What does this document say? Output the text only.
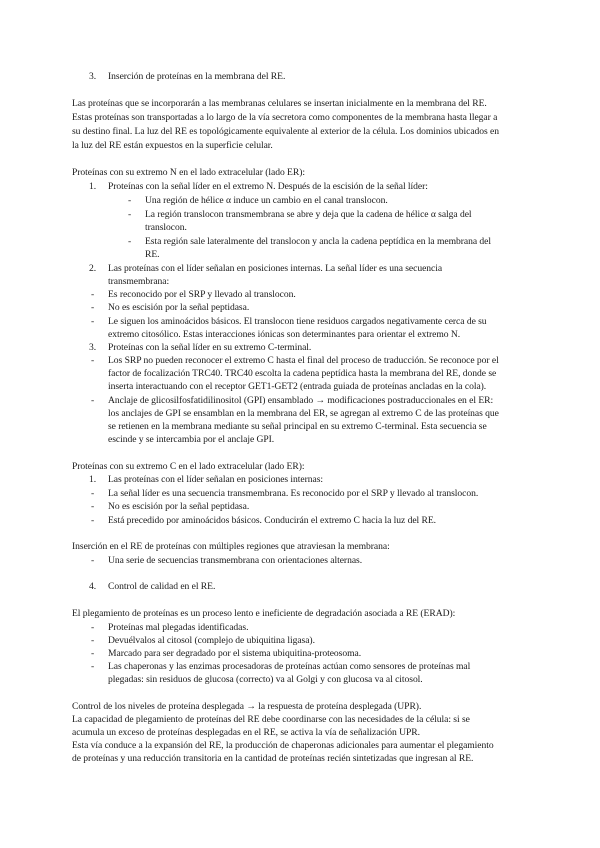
3. Inserción de proteínas en la membrana del RE.
Las proteínas que se incorporarán a las membranas celulares se insertan inicialmente en la membrana del RE.
Estas proteínas son transportadas a lo largo de la vía secretora como componentes de la membrana hasta llegar a
su destino final. La luz del RE es topológicamente equivalente al exterior de la célula. Los dominios ubicados en
la luz del RE están expuestos en la superficie celular.
Proteínas con su extremo N en el lado extracelular (lado ER):
1. Proteínas con la señal líder en el extremo N. Después de la escisión de la señal líder:
- Una región de hélice α induce un cambio en el canal translocon.
- La región translocon transmembrana se abre y deja que la cadena de hélice α salga del
translocon.
- Esta región sale lateralmente del translocon y ancla la cadena peptídica en la membrana del
RE.
2. Las proteínas con el líder señalan en posiciones internas. La señal líder es una secuencia
transmembrana:
- Es reconocido por el SRP y llevado al translocon.
- No es escisión por la señal peptidasa.
- Le siguen los aminoácidos básicos. El translocon tiene residuos cargados negativamente cerca de su
extremo citosólico. Estas interacciones iónicas son determinantes para orientar el extremo N.
3. Proteínas con la señal líder en su extremo C-terminal.
- Los SRP no pueden reconocer el extremo C hasta el final del proceso de traducción. Se reconoce por el
factor de focalización TRC40. TRC40 escolta la cadena peptídica hasta la membrana del RE, donde se
inserta interactuando con el receptor GET1-GET2 (entrada guiada de proteínas ancladas en la cola).
- Anclaje de glicosilfosfatidilinositol (GPI) ensamblado → modificaciones postraduccionales en el ER:
los anclajes de GPI se ensamblan en la membrana del ER, se agregan al extremo C de las proteínas que
se retienen en la membrana mediante su señal principal en su extremo C-terminal. Esta secuencia se
escinde y se intercambia por el anclaje GPI.
Proteínas con su extremo C en el lado extracelular (lado ER):
1. Las proteínas con el líder señalan en posiciones internas:
- La señal líder es una secuencia transmembrana. Es reconocido por el SRP y llevado al translocon.
- No es escisión por la señal peptidasa.
- Está precedido por aminoácidos básicos. Conducirán el extremo C hacia la luz del RE.
Inserción en el RE de proteínas con múltiples regiones que atraviesan la membrana:
- Una serie de secuencias transmembrana con orientaciones alternas.
4. Control de calidad en el RE.
El plegamiento de proteínas es un proceso lento e ineficiente de degradación asociada a RE (ERAD):
- Proteínas mal plegadas identificadas.
- Devuélvalos al citosol (complejo de ubiquitina ligasa).
- Marcado para ser degradado por el sistema ubiquitina-proteosoma.
- Las chaperonas y las enzimas procesadoras de proteínas actúan como sensores de proteínas mal
plegadas: sin residuos de glucosa (correcto) va al Golgi y con glucosa va al citosol.
Control de los niveles de proteína desplegada → la respuesta de proteína desplegada (UPR).
La capacidad de plegamiento de proteínas del RE debe coordinarse con las necesidades de la célula: si se
acumula un exceso de proteínas desplegadas en el RE, se activa la vía de señalización UPR.
Esta vía conduce a la expansión del RE, la producción de chaperonas adicionales para aumentar el plegamiento
de proteínas y una reducción transitoria en la cantidad de proteínas recién sintetizadas que ingresan al RE.
